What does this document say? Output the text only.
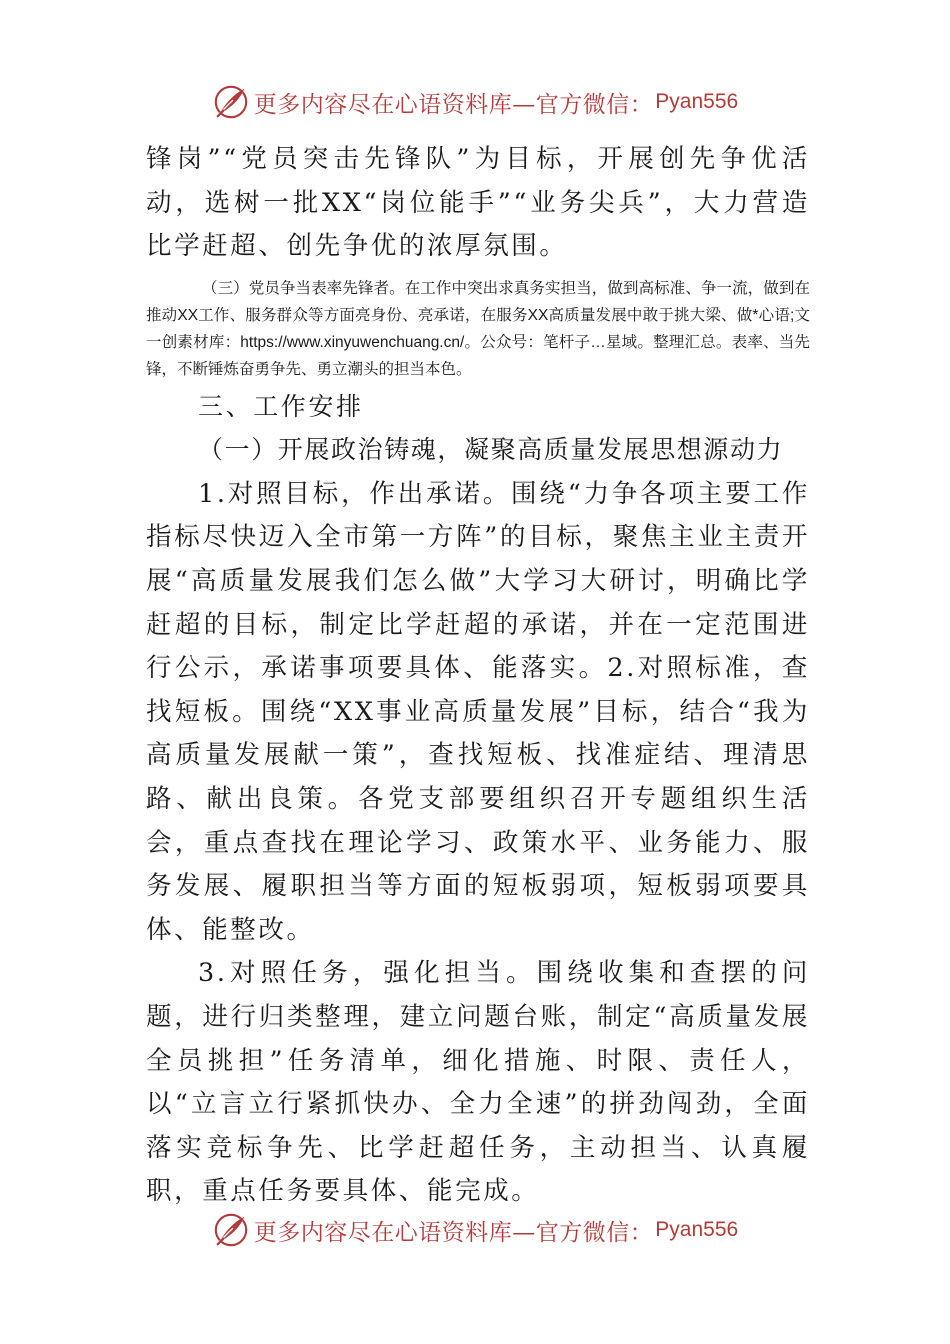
更多内容尽在心语资料库—官方微信： Pyan556

锋岗”“党员突击先锋队”为目标，开展创先争优活动，选树一批XX“岗位能手”“业务尖兵”，大力营造比学赶超、创先争优的浓厚氛围。

（三）党员争当表率先锋者。在工作中突出求真务实担当，做到高标准、争一流，做到在推动XX工作、服务群众等方面亮身份、亮承诺，在服务XX高质量发展中敢于挑大梁、做*心语;文一创素材库：https://www.xinyuwenchuang.cn/。公众号：笔杆子…星域。整理汇总。表率、当先锋，不断锤炼奋勇争先、勇立潮头的担当本色。

三、工作安排

（一）开展政治铸魂，凝聚高质量发展思想源动力

1.对照目标，作出承诺。围绕“力争各项主要工作指标尽快迈入全市第一方阵”的目标，聚焦主业主责开展“高质量发展我们怎么做”大学习大研讨，明确比学赶超的目标，制定比学赶超的承诺，并在一定范围进行公示，承诺事项要具体、能落实。2.对照标准，查找短板。围绕“XX事业高质量发展”目标，结合“我为高质量发展献一策”，查找短板、找准症结、理清思路、献出良策。各党支部要组织召开专题组织生活会，重点查找在理论学习、政策水平、业务能力、服务发展、履职担当等方面的短板弱项，短板弱项要具体、能整改。

3.对照任务，强化担当。围绕收集和查摆的问题，进行归类整理，建立问题台账，制定“高质量发展全员挑担”任务清单，细化措施、时限、责任人，以“立言立行紧抓快办、全力全速”的拼劲闯劲，全面落实竞标争先、比学赶超任务，主动担当、认真履职，重点任务要具体、能完成。

更多内容尽在心语资料库—官方微信： Pyan556
